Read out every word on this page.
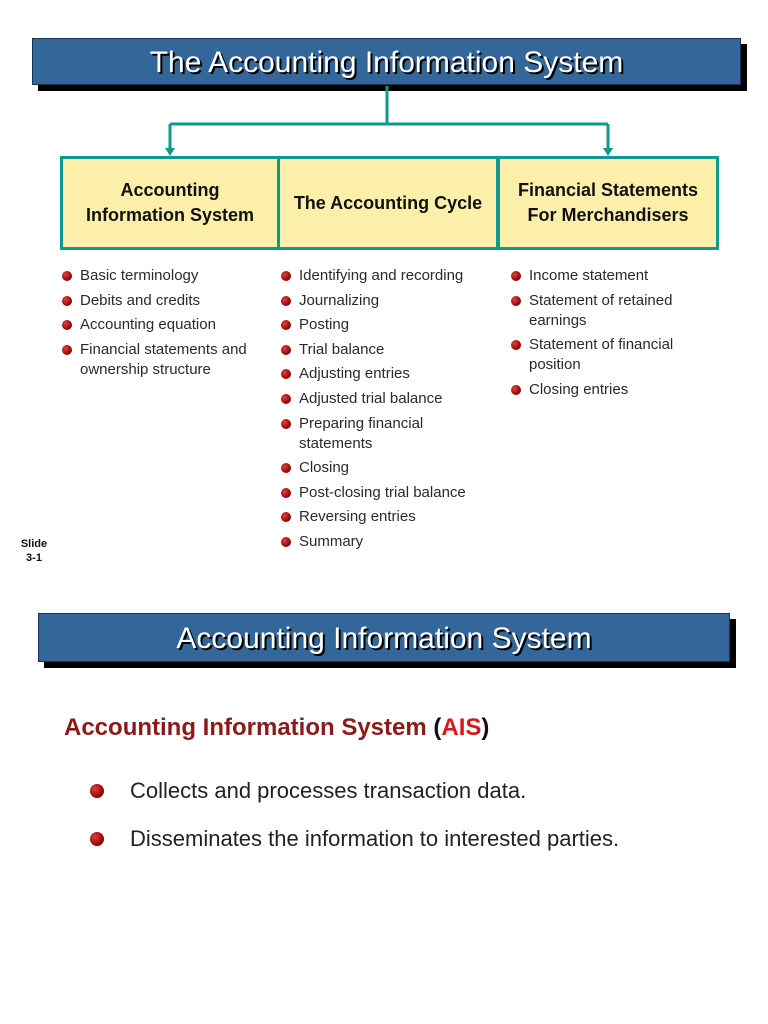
The Accounting Information System
Accounting Information System
The Accounting Cycle
Financial Statements For Merchandisers
Basic terminology
Debits and credits
Accounting equation
Financial statements and ownership structure
Identifying and recording
Journalizing
Posting
Trial balance
Adjusting entries
Adjusted trial balance
Preparing financial statements
Closing
Post-closing trial balance
Reversing entries
Summary
Income statement
Statement of retained earnings
Statement of financial position
Closing entries
Slide
3-1
Accounting Information System
Accounting Information System (AIS)
Collects and processes transaction data.
Disseminates the information to interested parties.
